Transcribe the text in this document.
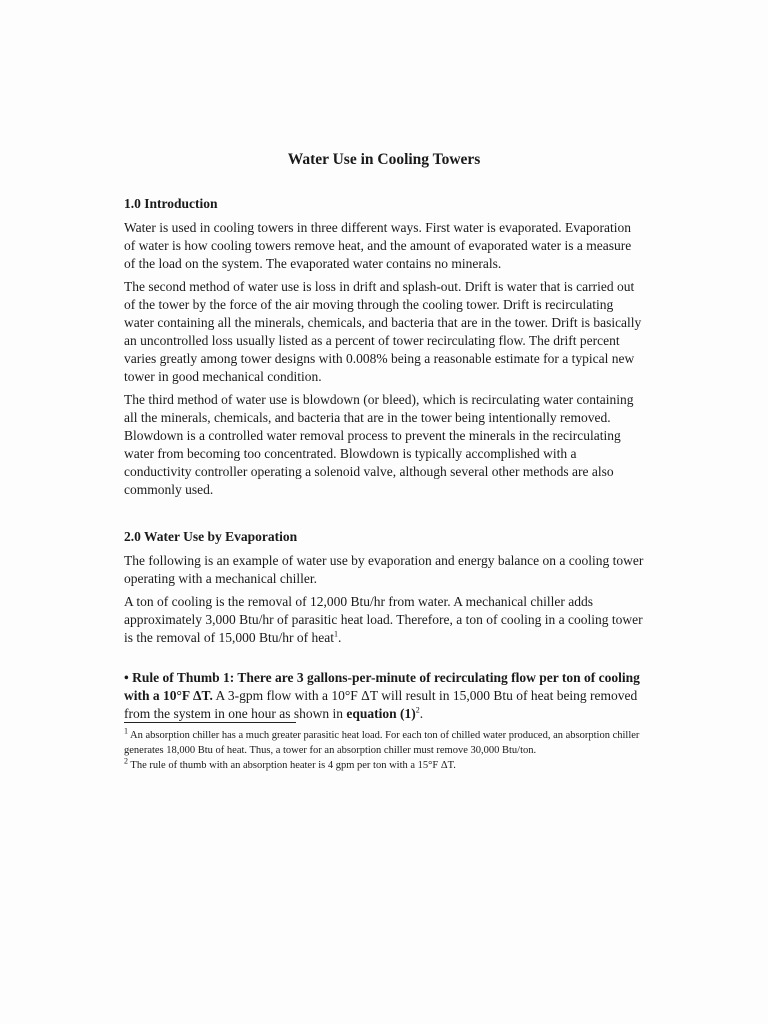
Water Use in Cooling Towers
1.0 Introduction

Water is used in cooling towers in three different ways. First water is evaporated. Evaporation of water is how cooling towers remove heat, and the amount of evaporated water is a measure of the load on the system. The evaporated water contains no minerals.

The second method of water use is loss in drift and splash-out. Drift is water that is carried out of the tower by the force of the air moving through the cooling tower. Drift is recirculating water containing all the minerals, chemicals, and bacteria that are in the tower. Drift is basically an uncontrolled loss usually listed as a percent of tower recirculating flow. The drift percent varies greatly among tower designs with 0.008% being a reasonable estimate for a typical new tower in good mechanical condition.

The third method of water use is blowdown (or bleed), which is recirculating water containing all the minerals, chemicals, and bacteria that are in the tower being intentionally removed. Blowdown is a controlled water removal process to prevent the minerals in the recirculating water from becoming too concentrated. Blowdown is typically accomplished with a conductivity controller operating a solenoid valve, although several other methods are also commonly used.

2.0 Water Use by Evaporation

The following is an example of water use by evaporation and energy balance on a cooling tower operating with a mechanical chiller.

A ton of cooling is the removal of 12,000 Btu/hr from water. A mechanical chiller adds approximately 3,000 Btu/hr of parasitic heat load. Therefore, a ton of cooling in a cooling tower is the removal of 15,000 Btu/hr of heat$^1$.

• Rule of Thumb 1: There are 3 gallons-per-minute of recirculating flow per ton of cooling with a 10°F ΔT. A 3-gpm flow with a 10°F ΔT will result in 15,000 Btu of heat being removed from the system in one hour as shown in equation $(1)^2$.

$^1$ An absorption chiller has a much greater parasitic heat load. For each ton of chilled water produced, an absorption chiller generates 18,000 Btu of heat. Thus, a tower for an absorption chiller must remove 30,000 Btu/ton.

$^2$ The rule of thumb with an absorption heater is 4 gpm per ton with a 15°F ΔT.
